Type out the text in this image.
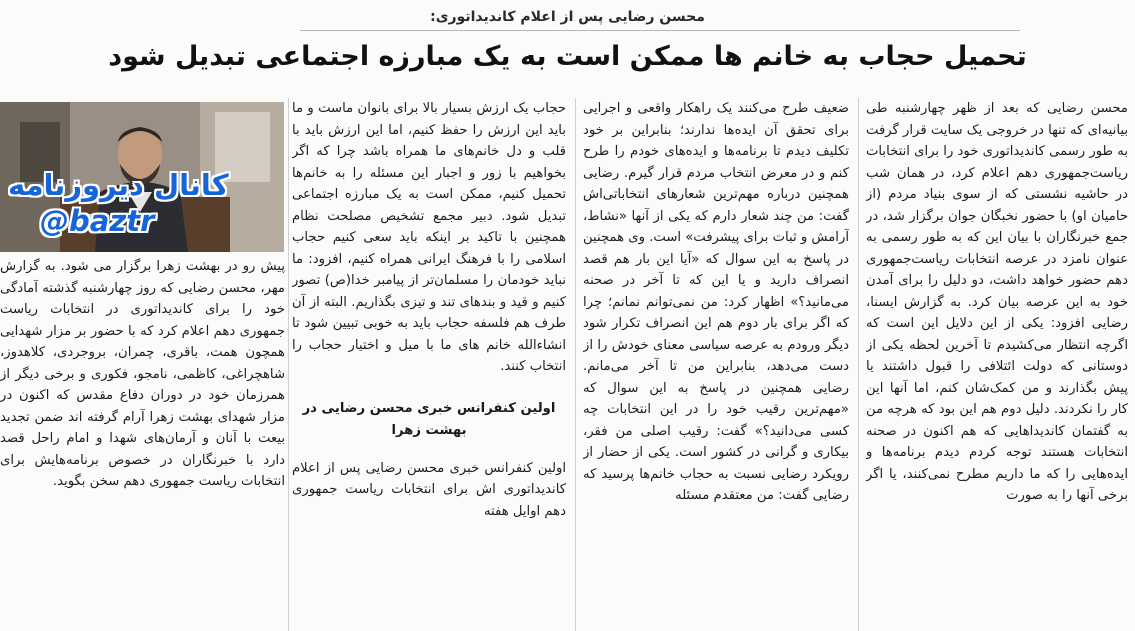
محسن رضایی پس از اعلام کاندیداتوری:
تحمیل حجاب به خانم ها ممکن است به یک مبارزه اجتماعی تبدیل شود

محسن رضایی که بعد از ظهر چهارشنبه طی بیانیه‌ای که تنها در خروجی یک سایت قرار گرفت به طور رسمی کاندیداتوری خود را برای انتخابات ریاست‌جمهوری دهم اعلام کرد، در همان شب در حاشیه نشستی که از سوی بنیاد مردم (از حامیان او) با حضور نخبگان جوان برگزار شد، در جمع خبرنگاران با بیان این که به طور رسمی به عنوان نامزد در عرصه انتخابات ریاست‌جمهوری دهم حضور خواهد داشت، دو دلیل را برای آمدن خود به این عرصه بیان کرد. به گزارش ایسنا، رضایی افزود: یکی از این دلایل این است که اگرچه انتظار می‌کشیدم تا آخرین لحظه یکی از دوستانی که دولت ائتلافی را قبول داشتند یا پیش بگذارند و من کمک‌شان کنم، اما آنها این کار را نکردند. دلیل دوم هم این بود که هرچه من به گفتمان کاندیداهایی که هم اکنون در صحنه انتخابات هستند توجه کردم دیدم برنامه‌ها و ایده‌هایی را که ما داریم مطرح نمی‌کنند، یا اگر برخی آنها را به صورت

ضعیف طرح می‌کنند یک راهکار واقعی و اجرایی برای تحقق آن ایده‌ها ندارند؛ بنابراین بر خود تکلیف دیدم تا برنامه‌ها و ایده‌های خودم را طرح کنم و در معرض انتخاب مردم قرار گیرم. رضایی همچنین درباره مهم‌ترین شعارهای انتخاباتی‌اش گفت: من چند شعار دارم که یکی از آنها «نشاط، آرامش و ثبات برای پیشرفت» است. وی همچنین در پاسخ به این سوال که «آیا این بار هم قصد انصراف دارید و یا این که تا آخر در صحنه می‌مانید؟» اظهار کرد: من نمی‌توانم نمانم؛ چرا که اگر برای بار دوم هم این انصراف تکرار شود دیگر ورودم به عرصه سیاسی معنای خودش را از دست می‌دهد، بنابراین من تا آخر می‌مانم. رضایی همچنین در پاسخ به این سوال که «مهم‌ترین رقیب خود را در این انتخابات چه کسی می‌دانید؟» گفت: رقیب اصلی من فقر، بیکاری و گرانی در کشور است. یکی از حضار از رویکرد رضایی نسبت به حجاب خانم‌ها پرسید که رضایی گفت: من معتقدم مسئله

حجاب یک ارزش بسیار بالا برای بانوان ماست و ما باید این ارزش را حفظ کنیم، اما این ارزش باید با قلب و دل خانم‌های ما همراه باشد چرا که اگر بخواهیم با زور و اجبار این مسئله را به خانم‌ها تحمیل کنیم، ممکن است به یک مبارزه اجتماعی تبدیل شود. دبیر مجمع تشخیص مصلحت نظام همچنین با تاکید بر اینکه باید سعی کنیم حجاب اسلامی را با فرهنگ ایرانی همراه کنیم، افزود: ما نباید خودمان را مسلمان‌تر از پیامبر خدا(ص) تصور کنیم و قید و بندهای تند و تیزی بگذاریم. البته از آن طرف هم فلسفه حجاب باید به خوبی تبیین شود تا انشاءالله خانم های ما با میل و اختیار حجاب را انتخاب کنند.

اولین کنفرانس خبری محسن رضایی در بهشت زهرا

اولین کنفرانس خبری محسن رضایی پس از اعلام کاندیداتوری اش برای انتخابات ریاست جمهوری دهم اوایل هفته

کانال دیروزنامه
@baztr

پیش رو در بهشت زهرا برگزار می شود. به گزارش مهر، محسن رضایی که روز چهارشنبه گذشته آمادگی خود را برای کاندیداتوری در انتخابات ریاست جمهوری دهم اعلام کرد که با حضور بر مزار شهدایی همچون همت، باقری، چمران، بروجردی، کلاهدوز، شاهچراغی، کاظمی، نامجو، فکوری و برخی دیگر از همرزمان خود در دوران دفاع مقدس که اکنون در مزار شهدای بهشت زهرا آرام گرفته اند ضمن تجدید بیعت با آنان و آرمان‌های شهدا و امام راحل قصد دارد با خبرنگاران در خصوص برنامه‌هایش برای انتخابات ریاست جمهوری دهم سخن بگوید.
